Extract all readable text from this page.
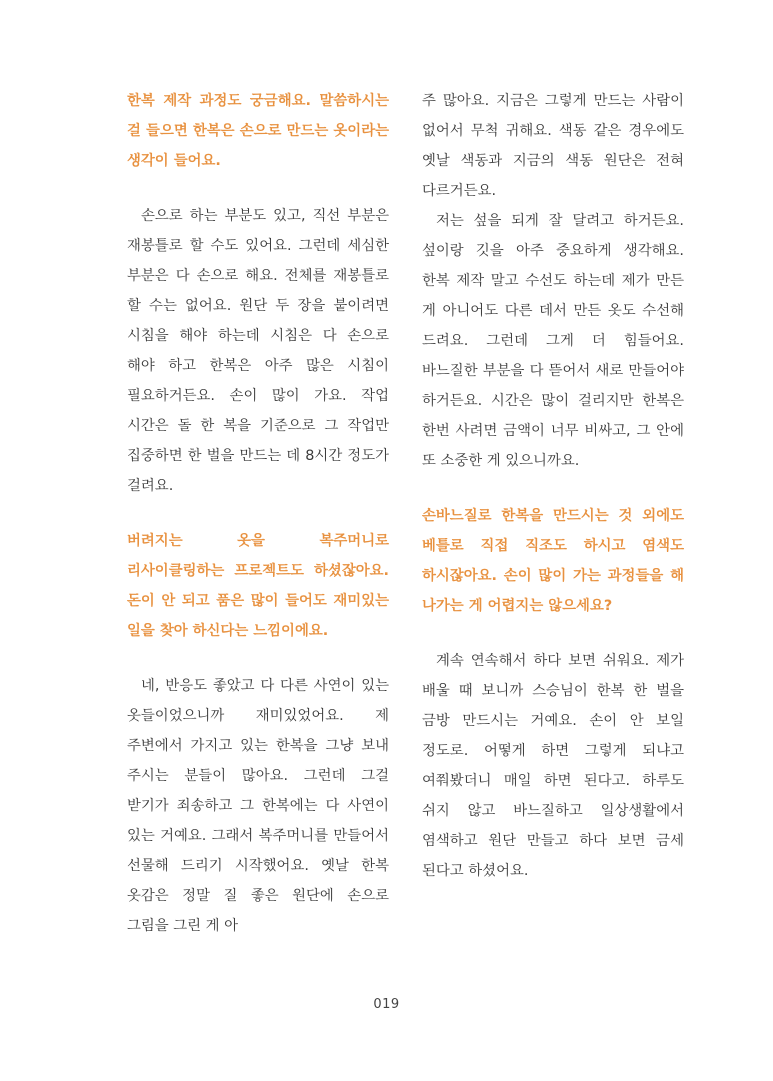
한복 제작 과정도 궁금해요. 말씀하시는 걸 들으면 한복은 손으로 만드는 옷이라는 생각이 들어요.

손으로 하는 부분도 있고, 직선 부분은 재봉틀로 할 수도 있어요. 그런데 세심한 부분은 다 손으로 해요. 전체를 재봉틀로 할 수는 없어요. 원단 두 장을 붙이려면 시침을 해야 하는데 시침은 다 손으로 해야 하고 한복은 아주 많은 시침이 필요하거든요. 손이 많이 가요. 작업 시간은 돌 한 복을 기준으로 그 작업만 집중하면 한 벌을 만드는 데 8시간 정도가 걸려요.

버려지는 옷을 복주머니로 리사이클링하는 프로젝트도 하셨잖아요. 돈이 안 되고 품은 많이 들어도 재미있는 일을 찾아 하신다는 느낌이에요.

네, 반응도 좋았고 다 다른 사연이 있는 옷들이었으니까 재미있었어요. 제 주변에서 가지고 있는 한복을 그냥 보내 주시는 분들이 많아요. 그런데 그걸 받기가 죄송하고 그 한복에는 다 사연이 있는 거예요. 그래서 복주머니를 만들어서 선물해 드리기 시작했어요. 옛날 한복 옷감은 정말 질 좋은 원단에 손으로 그림을 그린 게 아

주 많아요. 지금은 그렇게 만드는 사람이 없어서 무척 귀해요. 색동 같은 경우에도 옛날 색동과 지금의 색동 원단은 전혀 다르거든요.

저는 섶을 되게 잘 달려고 하거든요. 섶이랑 깃을 아주 중요하게 생각해요. 한복 제작 말고 수선도 하는데 제가 만든 게 아니어도 다른 데서 만든 옷도 수선해 드려요. 그런데 그게 더 힘들어요. 바느질한 부분을 다 뜯어서 새로 만들어야 하거든요. 시간은 많이 걸리지만 한복은 한번 사려면 금액이 너무 비싸고, 그 안에 또 소중한 게 있으니까요.

손바느질로 한복을 만드시는 것 외에도 베틀로 직접 직조도 하시고 염색도 하시잖아요. 손이 많이 가는 과정들을 해 나가는 게 어렵지는 않으세요?

계속 연속해서 하다 보면 쉬워요. 제가 배울 때 보니까 스승님이 한복 한 벌을 금방 만드시는 거예요. 손이 안 보일 정도로. 어떻게 하면 그렇게 되냐고 여쭤봤더니 매일 하면 된다고. 하루도 쉬지 않고 바느질하고 일상생활에서 염색하고 원단 만들고 하다 보면 금세 된다고 하셨어요.

019
